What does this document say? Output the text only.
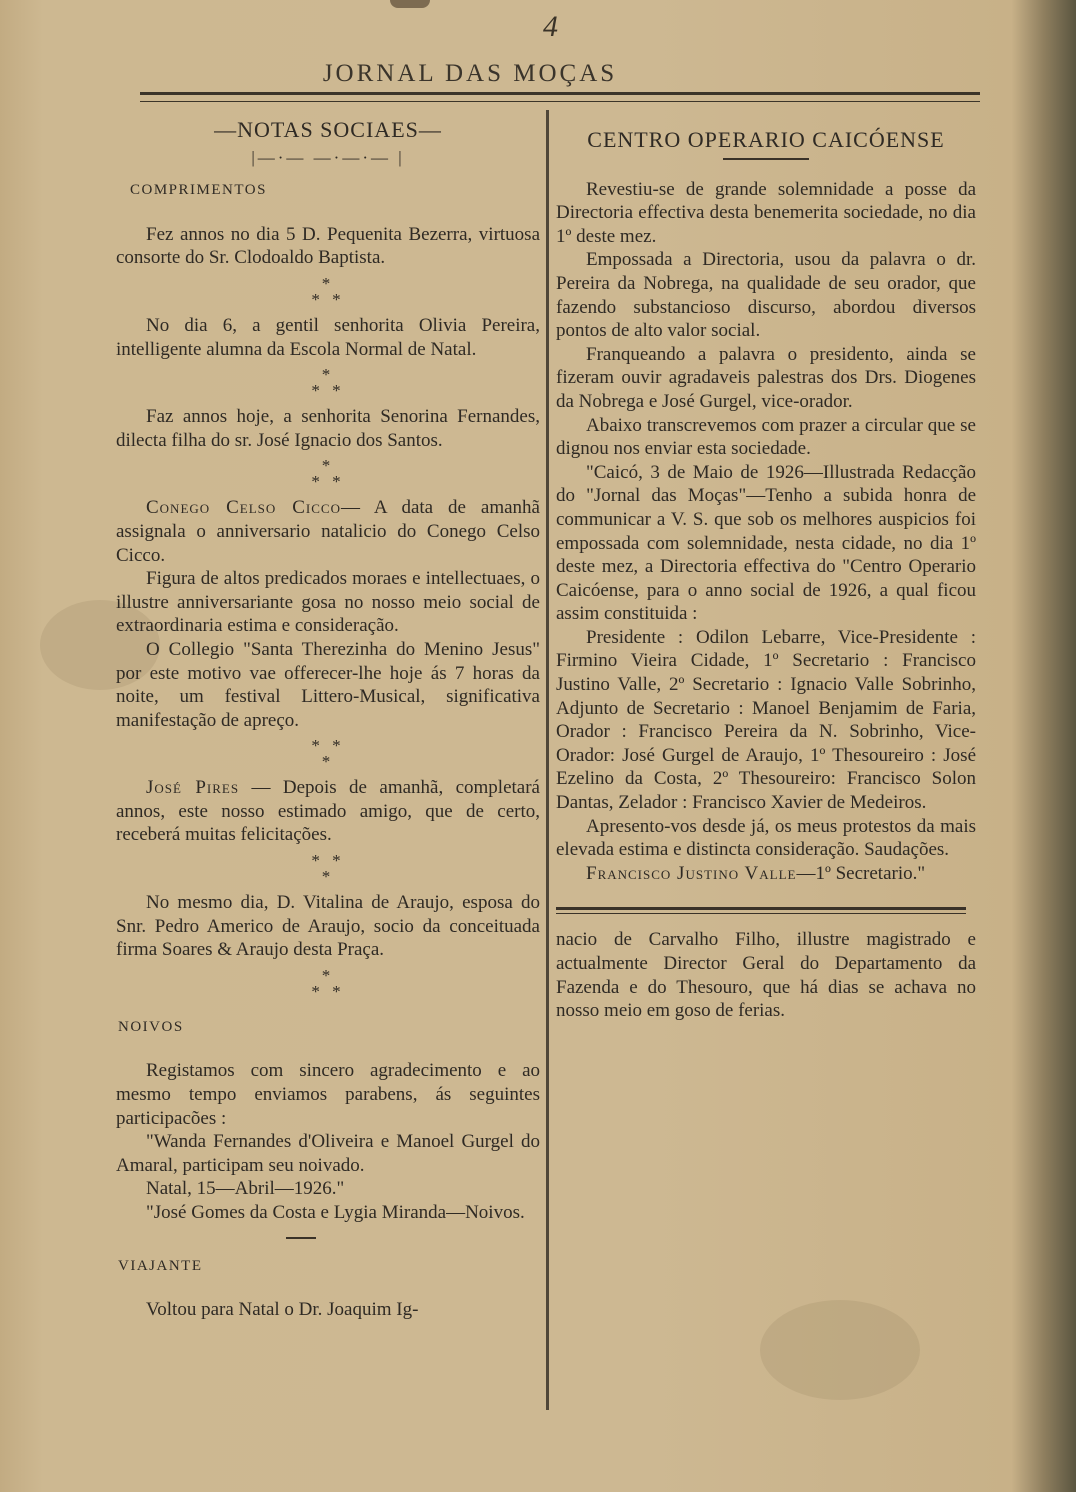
4
JORNAL DAS MOÇAS
—NOTAS SOCIAES—
|—·— —·—·— |
COMPRIMENTOS

Fez annos no dia 5 D. Pequenita Bezerra, virtuosa consorte do Sr. Clodoaldo Baptista.

*
* *

No dia 6, a gentil senhorita Olivia Pereira, intelligente alumna da Escola Normal de Natal.

*
* *

Faz annos hoje, a senhorita Senorina Fernandes, dilecta filha do sr. José Ignacio dos Santos.

*
* *

Conego Celso Cicco— A data de amanhã assignala o anniversario natalicio do Conego Celso Cicco.

Figura de altos predicados moraes e intellectuaes, o illustre anniversariante gosa no nosso meio social de extraordinaria estima e consideração.

O Collegio "Santa Therezinha do Menino Jesus" por este motivo vae offerecer-lhe hoje ás 7 horas da noite, um festival Littero-Musical, significativa manifestação de apreço.

* *
*

José Pires — Depois de amanhã, completará annos, este nosso estimado amigo, que de certo, receberá muitas felicitações.

* *
*

No mesmo dia, D. Vitalina de Araujo, esposa do Snr. Pedro Americo de Araujo, socio da conceituada firma Soares & Araujo desta Praça.

*
* *
NOIVOS

Registamos com sincero agradecimento e ao mesmo tempo enviamos parabens, ás seguintes participacões :

"Wanda Fernandes d'Oliveira e Manoel Gurgel do Amaral, participam seu noivado.

Natal, 15—Abril—1926."

"José Gomes da Costa e Lygia Miranda—Noivos.

VIAJANTE

Voltou para Natal o Dr. Joaquim Ig-

CENTRO OPERARIO CAICÓENSE

Revestiu-se de grande solemnidade a posse da Directoria effectiva desta benemerita sociedade, no dia 1º deste mez.

Empossada a Directoria, usou da palavra o dr. Pereira da Nobrega, na qualidade de seu orador, que fazendo substancioso discurso, abordou diversos pontos de alto valor social.

Franqueando a palavra o presidento, ainda se fizeram ouvir agradaveis palestras dos Drs. Diogenes da Nobrega e José Gurgel, vice-orador.

Abaixo transcrevemos com prazer a circular que se dignou nos enviar esta sociedade.

"Caicó, 3 de Maio de 1926—Illustrada Redacção do "Jornal das Moças"—Tenho a subida honra de communicar a V. S. que sob os melhores auspicios foi empossada com solemnidade, nesta cidade, no dia 1º deste mez, a Directoria effectiva do "Centro Operario Caicóense, para o anno social de 1926, a qual ficou assim constituida :

Presidente : Odilon Lebarre, Vice-Presidente : Firmino Vieira Cidade, 1º Secretario : Francisco Justino Valle, 2º Secretario : Ignacio Valle Sobrinho, Adjunto de Secretario : Manoel Benjamim de Faria, Orador : Francisco Pereira da N. Sobrinho, Vice-Orador: José Gurgel de Araujo, 1º Thesoureiro : José Ezelino da Costa, 2º Thesoureiro: Francisco Solon Dantas, Zelador : Francisco Xavier de Medeiros.

Apresento-vos desde já, os meus protestos da mais elevada estima e distincta consideração. Saudações.

Francisco Justino Valle—1º Secretario."

nacio de Carvalho Filho, illustre magistrado e actualmente Director Geral do Departamento da Fazenda e do Thesouro, que há dias se achava no nosso meio em goso de ferias.
